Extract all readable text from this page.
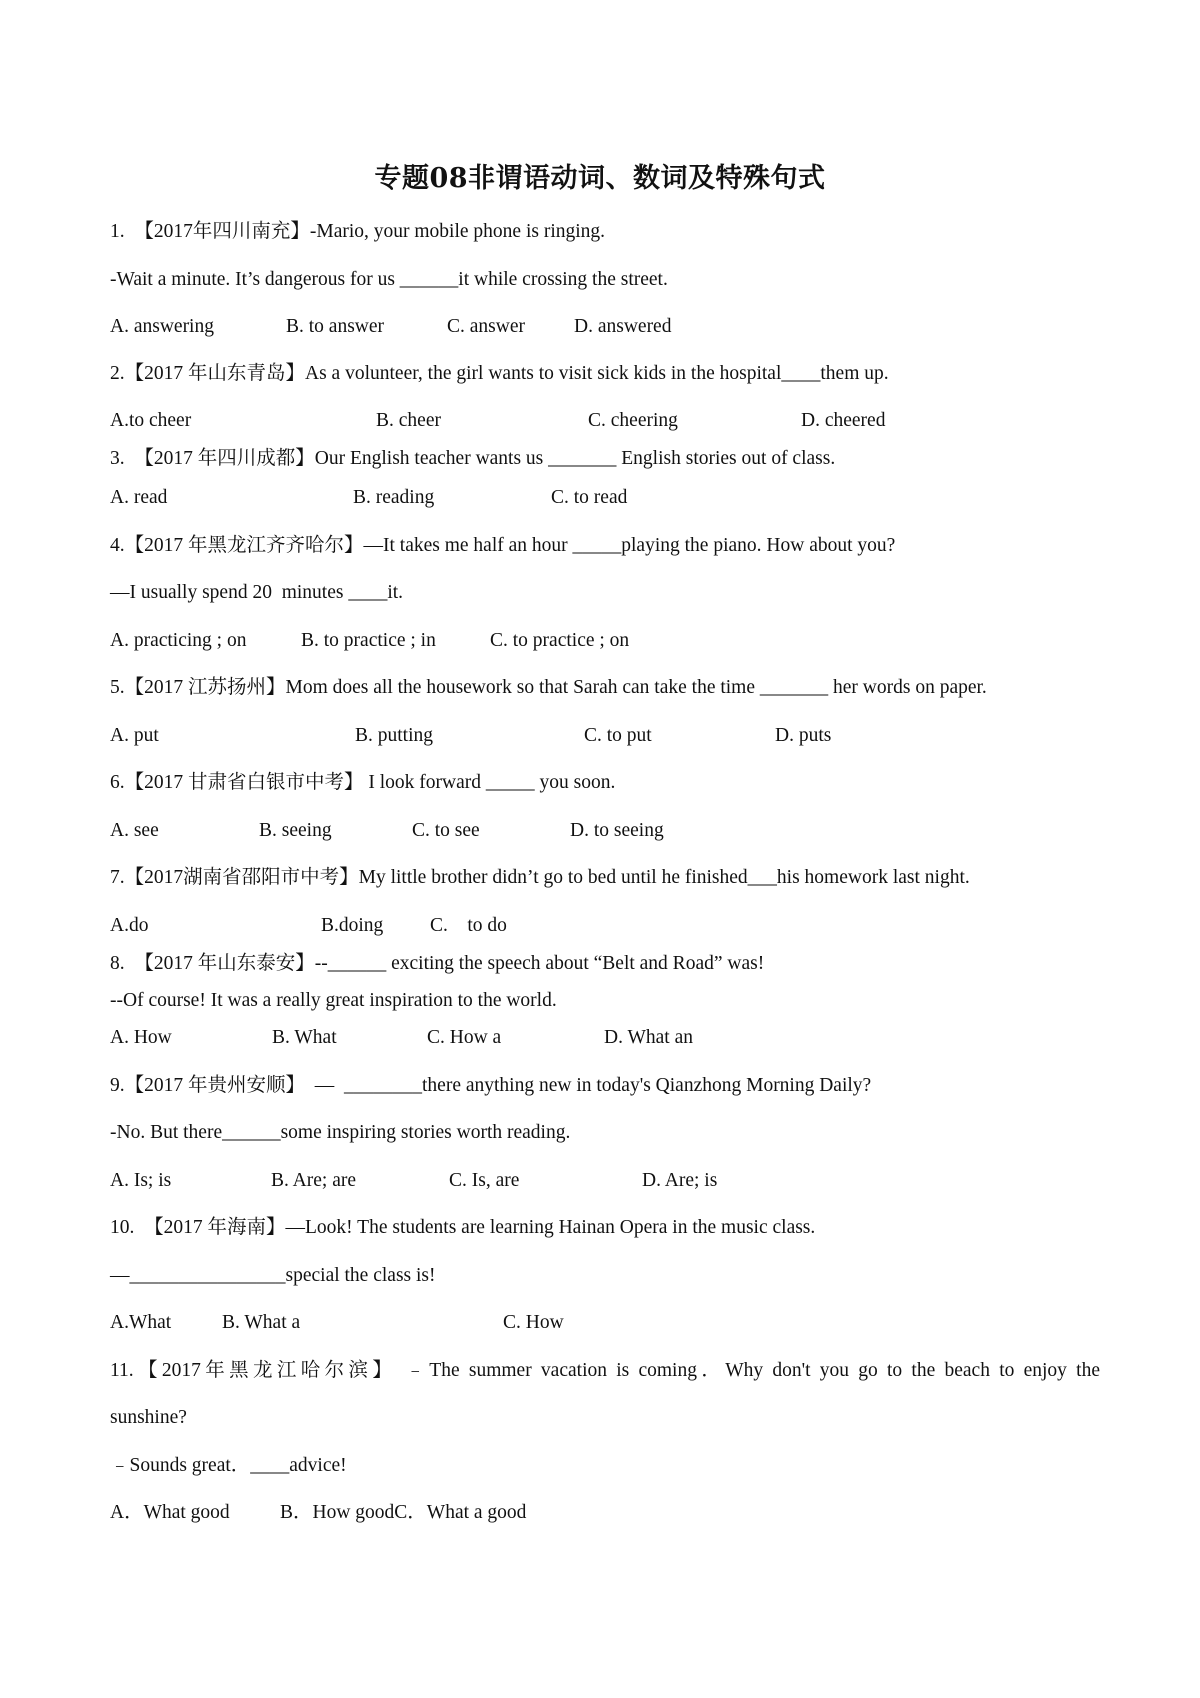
专题08非谓语动词、数词及特殊句式
1.  【2017年四川南充】-Mario, your mobile phone is ringing.
-Wait a minute. It’s dangerous for us ______it while crossing the street.
A. answering	B. to answer	C. answer	D. answered
2.【2017 年山东青岛】As a volunteer, the girl wants to visit sick kids in the hospital____them up.
A.to cheer	B. cheer	C. cheering	D. cheered
3.  【2017 年四川成都】Our English teacher wants us _______ English stories out of class.
A. read	B. reading	C. to read
4.【2017 年黑龙江齐齐哈尔】—It takes me half an hour _____playing the piano. How about you?
—I usually spend 20  minutes ____it.
A. practicing ; on	B. to practice ; in	C. to practice ; on
5.【2017 江苏扬州】Mom does all the housework so that Sarah can take the time _______ her words on paper.
A. put	B. putting	C. to put	D. puts
6.【2017 甘肃省白银市中考】 I look forward _____ you soon.
A. see	B. seeing	C. to see	D. to seeing
7.【2017湖南省邵阳市中考】My little brother didn’t go to bed until he finished___his homework last night.
A.do	B.doing C.    to do
8.  【2017 年山东泰安】--______ exciting the speech about “Belt and Road” was!
--Of course! It was a really great inspiration to the world.
A. How	B. What	C. How a	D. What an
9.【2017 年贵州安顺】  —  ________there anything new in today's Qianzhong Morning Daily?
-No. But there______some inspiring stories worth reading.
A. Is; is	B. Are; are	C. Is, are	D. Are; is
10.  【2017 年海南】—Look! The students are learning Hainan Opera in the music class.
—________________special the class is!
A.What	B. What a	C. How
11.【2017年黑龙江哈尔滨】 ﹣The summer vacation is coming．Why don't you go to the beach to enjoy the
sunshine?
﹣Sounds great．____advice!
A．What good	B．How goodC．What a good
